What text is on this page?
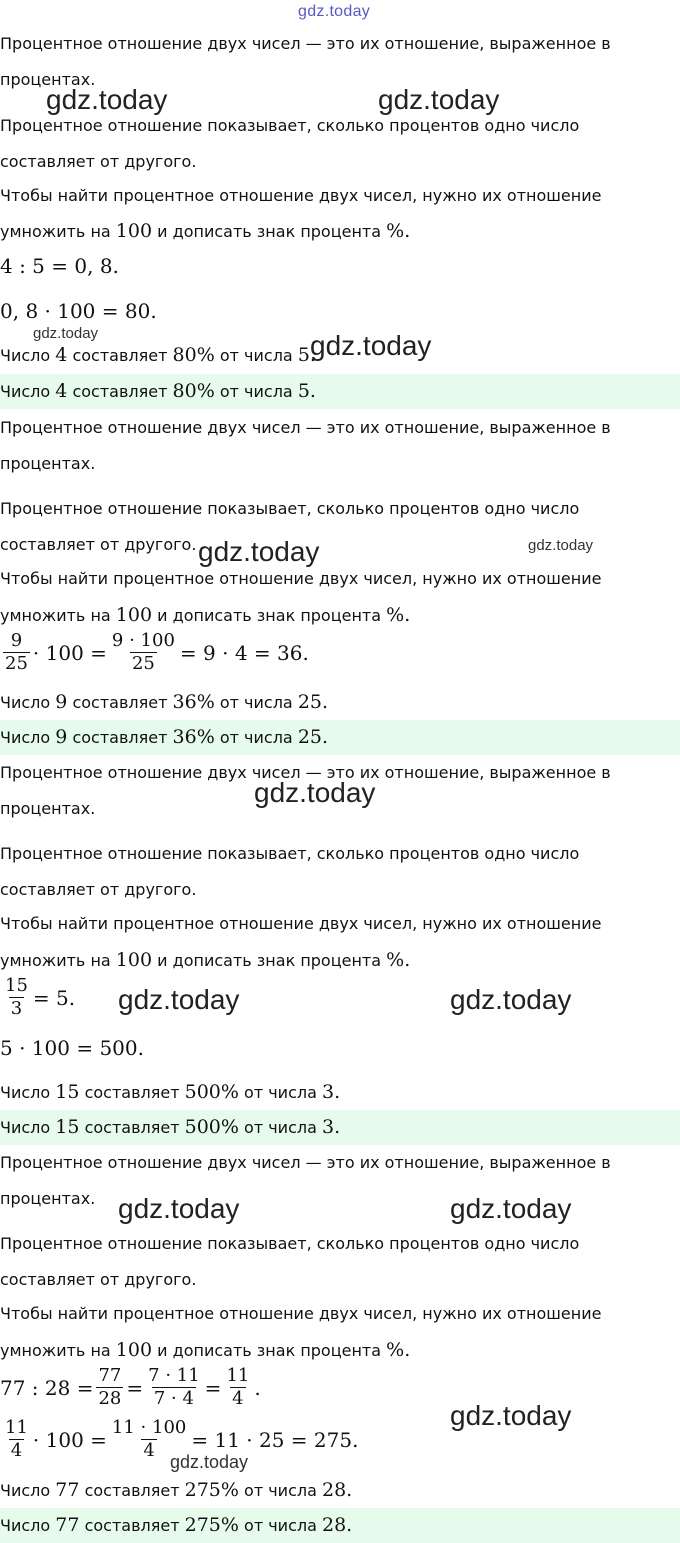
gdz.today
Процентное отношение двух чисел — это их отношение, выраженное в
процентах.
Процентное отношение показывает, сколько процентов одно число
составляет от другого.
Чтобы найти процентное отношение двух чисел, нужно их отношение
умножить на 100 и дописать знак процента %.
4 : 5 = 0, 8.
0, 8 · 100 = 80.
Число 4 составляет 80% от числа 5.
Число 4 составляет 80% от числа 5.
Процентное отношение двух чисел — это их отношение, выраженное в
процентах.
Процентное отношение показывает, сколько процентов одно число
составляет от другого.
Чтобы найти процентное отношение двух чисел, нужно их отношение
умножить на 100 и дописать знак процента %.
$\frac{9}{25} \cdot 100 = \frac{9 \cdot 100}{25} = 9 \cdot 4 = 36$.
Число 9 составляет 36% от числа 25.
Число 9 составляет 36% от числа 25.
Процентное отношение двух чисел — это их отношение, выраженное в
процентах.
Процентное отношение показывает, сколько процентов одно число
составляет от другого.
Чтобы найти процентное отношение двух чисел, нужно их отношение
умножить на 100 и дописать знак процента %.
$\frac{15}{3} = 5$.
5 · 100 = 500.
Число 15 составляет 500% от числа 3.
Число 15 составляет 500% от числа 3.
Процентное отношение двух чисел — это их отношение, выраженное в
процентах.
Процентное отношение показывает, сколько процентов одно число
составляет от другого.
Чтобы найти процентное отношение двух чисел, нужно их отношение
умножить на 100 и дописать знак процента %.
77 : $28 = \frac{77}{28} = \frac{7 \cdot 11}{7 \cdot 4} = \frac{11}{4}$ .
$\frac{11}{4} \cdot 100 = \frac{11 \cdot 100}{4} = 11 \cdot 25 = 275$.
Число 77 составляет 275% от числа 28.
Число 77 составляет 275% от числа 28.
gdz.today	gdz.today
gdz.today	gdz.today
gdz.today	gdz.today
gdz.today
gdz.today	gdz.today
gdz.today	gdz.today
gdz.today
gdz.today
